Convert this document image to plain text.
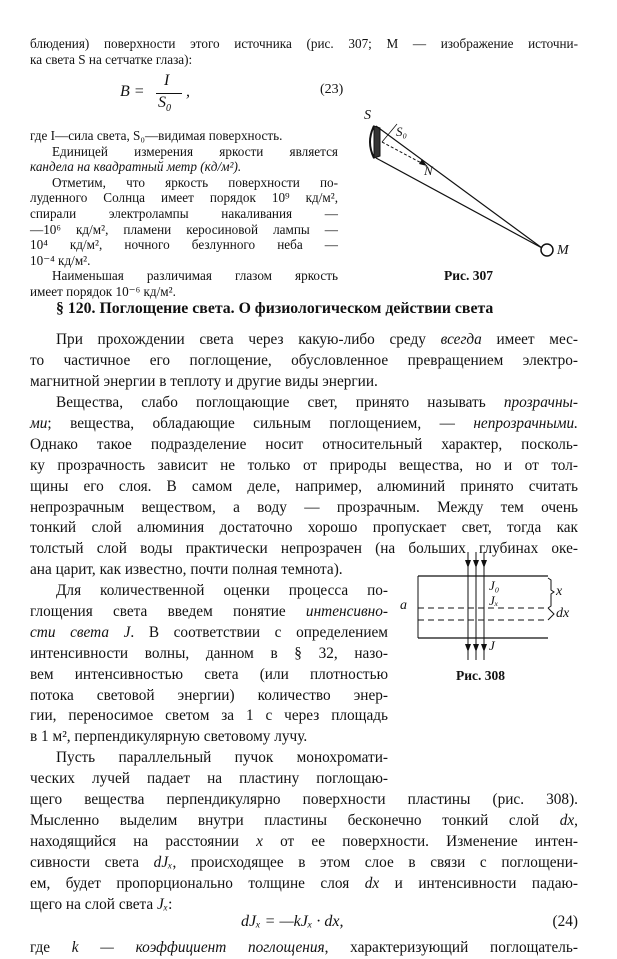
блюдения) поверхности этого источника (рис. 307; M — изображение источни-
ка света S на сетчатке глаза):
B =
I
$S_0$
,	(23)
где I—сила света, S₀—видимая поверхность.
Единицей измерения яркости является
кандела на квадратный метр (кд/м²).
Отметим, что яркость поверхности по-
луденного Солнца имеет порядок 10⁹ кд/м²,
спирали электролампы накаливания —
—10⁶ кд/м², пламени керосиновой лампы —
10⁴ кд/м², ночного безлунного неба —
10⁻⁴ кд/м².
Наименьшая различимая глазом яркость
имеет порядок 10⁻⁶ кд/м².
S
S₀
N
M
Рис. 307
§ 120. Поглощение света. О физиологическом действии света
При прохождении света через какую-либо среду всегда имеет мес-
то частичное его поглощение, обусловленное превращением электро-
магнитной энергии в теплоту и другие виды энергии.
Вещества, слабо поглощающие свет, принято называть прозрачны-
ми; вещества, обладающие сильным поглощением, — непрозрачными.
Однако такое подразделение носит относительный характер, посколь-
ку прозрачность зависит не только от природы вещества, но и от тол-
щины его слоя. В самом деле, например, алюминий принято считать
непрозрачным веществом, а воду — прозрачным. Между тем очень
тонкий слой алюминия достаточно хорошо пропускает свет, тогда как
толстый слой воды практически непрозрачен (на больших глубинах оке-
ана царит, как известно, почти полная темнота).
Для количественной оценки процесса по-
глощения света введем понятие интенсивно-
сти света J. В соответствии с определением
интенсивности волны, данном в § 32, назо-
вем интенсивностью света (или плотностью
потока световой энергии) количество энер-
гии, переносимое светом за 1 с через площадь
в 1 м², перпендикулярную световому лучу.
Пусть параллельный пучок монохромати-
ческих лучей падает на пластину поглощаю-
щего вещества перпендикулярно поверхности пластины (рис. 308).
Мысленно выделим внутри пластины бесконечно тонкий слой dx,
находящийся на расстоянии x от ее поверхности. Изменение интен-
сивности света dJₓ, происходящее в этом слое в связи с поглощени-
ем, будет пропорционально толщине слоя dx и интенсивности падаю-
щего на слой света Jₓ:
dJₓ = —kJₓ · dx,	(24)
где k — коэффициент поглощения, характеризующий поглощатель-
a
J₀
Jₓ
x
dx
J
Рис. 308
